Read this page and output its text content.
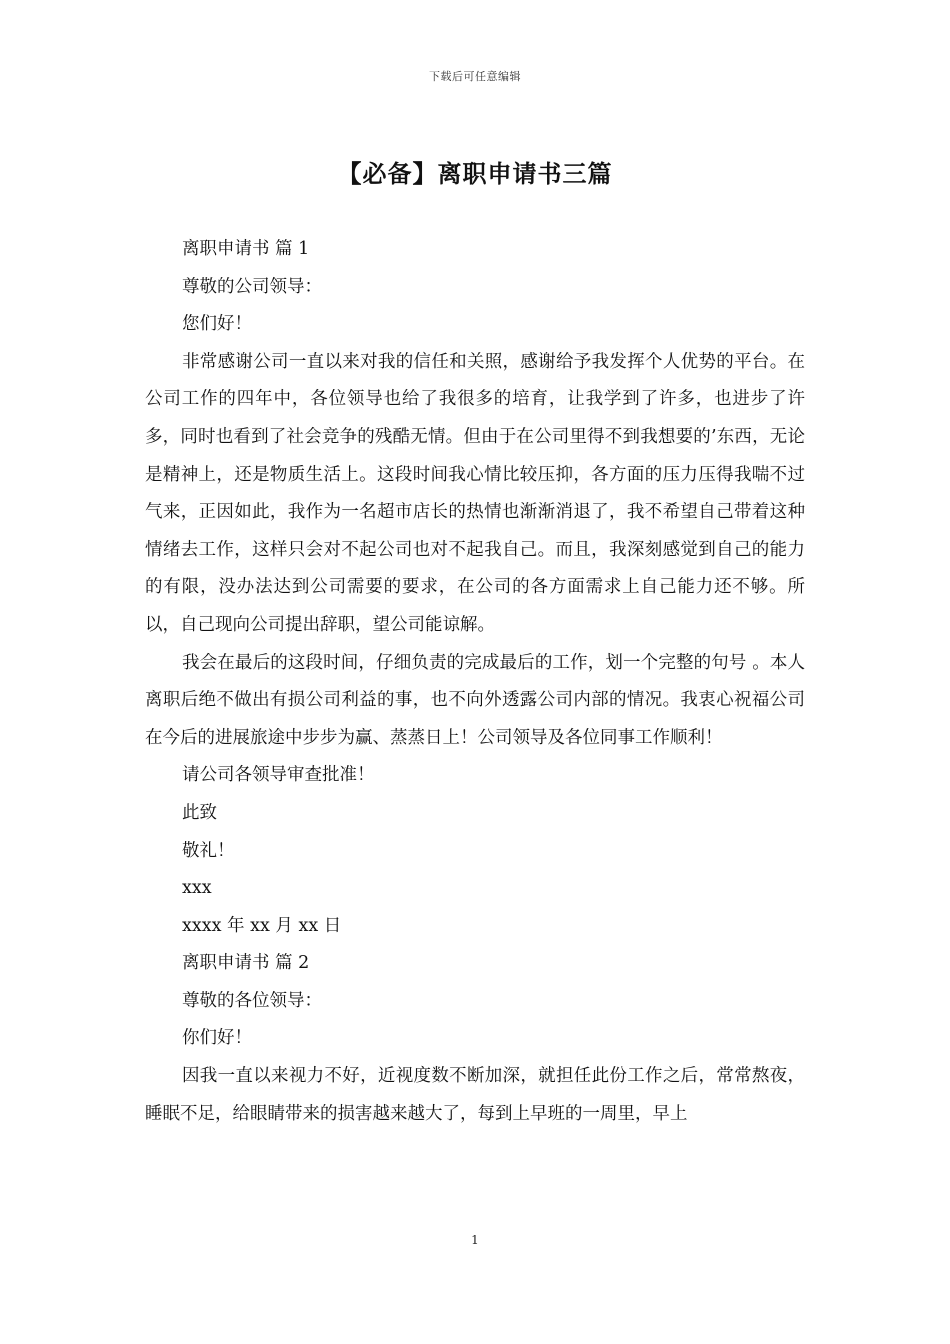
下载后可任意编辑
【必备】离职申请书三篇

离职申请书 篇 1

尊敬的公司领导：

您们好！

非常感谢公司一直以来对我的信任和关照，感谢给予我发挥个人优势的平台。在公司工作的四年中，各位领导也给了我很多的培育，让我学到了许多，也进步了许多，同时也看到了社会竞争的残酷无情。但由于在公司里得不到我想要的’东西，无论是精神上，还是物质生活上。这段时间我心情比较压抑，各方面的压力压得我喘不过气来，正因如此，我作为一名超市店长的热情也渐渐消退了，我不希望自己带着这种情绪去工作，这样只会对不起公司也对不起我自己。而且，我深刻感觉到自己的能力的有限，没办法达到公司需要的要求，在公司的各方面需求上自己能力还不够。所以，自己现向公司提出辞职，望公司能谅解。

我会在最后的这段时间，仔细负责的完成最后的工作，划一个完整的句号 。本人离职后绝不做出有损公司利益的事，也不向外透露公司内部的情况。我衷心祝福公司在今后的进展旅途中步步为赢、蒸蒸日上！公司领导及各位同事工作顺利！

请公司各领导审查批准！

此致

敬礼！

xxx

xxxx 年 xx 月 xx 日

离职申请书 篇 2

尊敬的各位领导：

你们好！

因我一直以来视力不好，近视度数不断加深，就担任此份工作之后，常常熬夜，睡眠不足，给眼睛带来的损害越来越大了，每到上早班的一周里，早上

1
